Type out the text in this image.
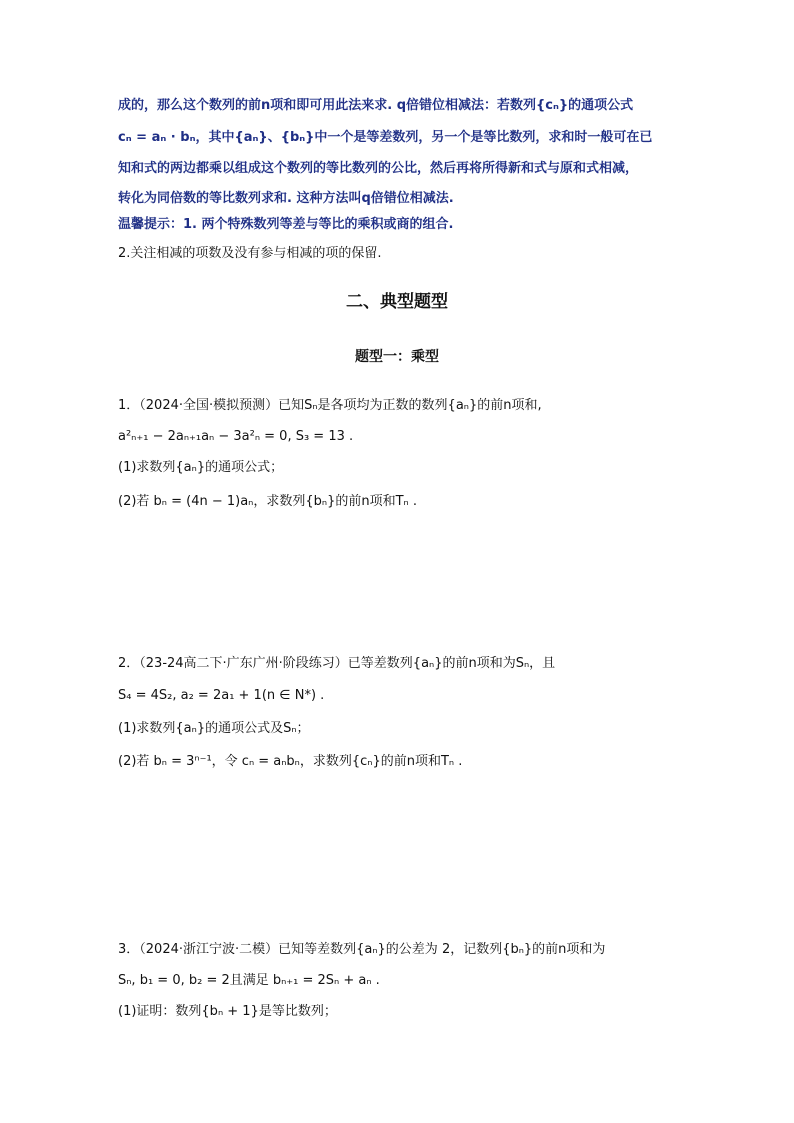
成的，那么这个数列的前n项和即可用此法来求. q倍错位相减法：若数列{cₙ}的通项公式
cₙ = aₙ · bₙ，其中{aₙ}、{bₙ}中一个是等差数列，另一个是等比数列，求和时一般可在已
知和式的两边都乘以组成这个数列的等比数列的公比，然后再将所得新和式与原和式相减，
转化为同倍数的等比数列求和. 这种方法叫q倍错位相减法.
温馨提示：1. 两个特殊数列等差与等比的乘积或商的组合.
2.关注相减的项数及没有参与相减的项的保留.
二、典型题型
题型一：乘型
1．（2024·全国·模拟预测）已知Sₙ是各项均为正数的数列{aₙ}的前n项和,
a²ₙ₊₁ − 2aₙ₊₁aₙ − 3a²ₙ = 0, S₃ = 13 .
(1)求数列{aₙ}的通项公式；
(2)若 bₙ = (4n − 1)aₙ，求数列{bₙ}的前n项和Tₙ .
2．（23-24高二下·广东广州·阶段练习）已等差数列{aₙ}的前n项和为Sₙ，且
S₄ = 4S₂, a₂ = 2a₁ + 1(n ∈ N*) .
(1)求数列{aₙ}的通项公式及Sₙ；
(2)若 bₙ = 3ⁿ⁻¹，令 cₙ = aₙbₙ，求数列{cₙ}的前n项和Tₙ .
3．（2024·浙江宁波·二模）已知等差数列{aₙ}的公差为 2，记数列{bₙ}的前n项和为
Sₙ, b₁ = 0, b₂ = 2且满足 bₙ₊₁ = 2Sₙ + aₙ .
(1)证明：数列{bₙ + 1}是等比数列；
